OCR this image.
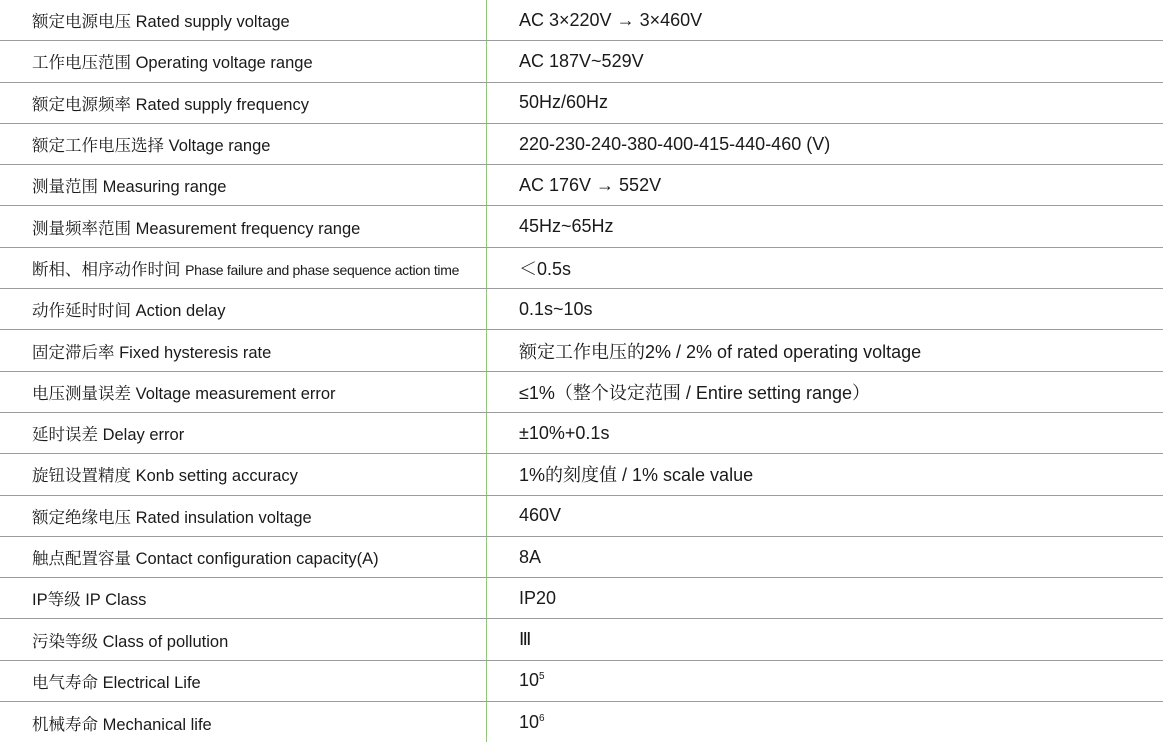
额定电源电压 Rated supply voltage	AC 3×220V → 3×460V
工作电压范围 Operating voltage range	AC 187V~529V
额定电源频率 Rated supply frequency	50Hz/60Hz
额定工作电压选择 Voltage range	220-230-240-380-400-415-440-460 (V)
测量范围 Measuring range	AC 176V → 552V
测量频率范围 Measurement frequency range	45Hz~65Hz
断相、相序动作时间 Phase failure and phase sequence action time	＜0.5s
动作延时时间 Action delay	0.1s~10s
固定滞后率 Fixed hysteresis rate	额定工作电压的2% / 2% of rated operating voltage
电压测量误差 Voltage measurement error	≤1%（整个设定范围 / Entire setting range）
延时误差 Delay error	±10%+0.1s
旋钮设置精度 Konb setting accuracy	1%的刻度值 / 1% scale value
额定绝缘电压 Rated insulation voltage	460V
触点配置容量 Contact configuration capacity(A)	8A
IP等级 IP Class	IP20
污染等级 Class of pollution	Ⅲ
电气寿命 Electrical Life	$10^5$
机械寿命 Mechanical life	$10^6$
